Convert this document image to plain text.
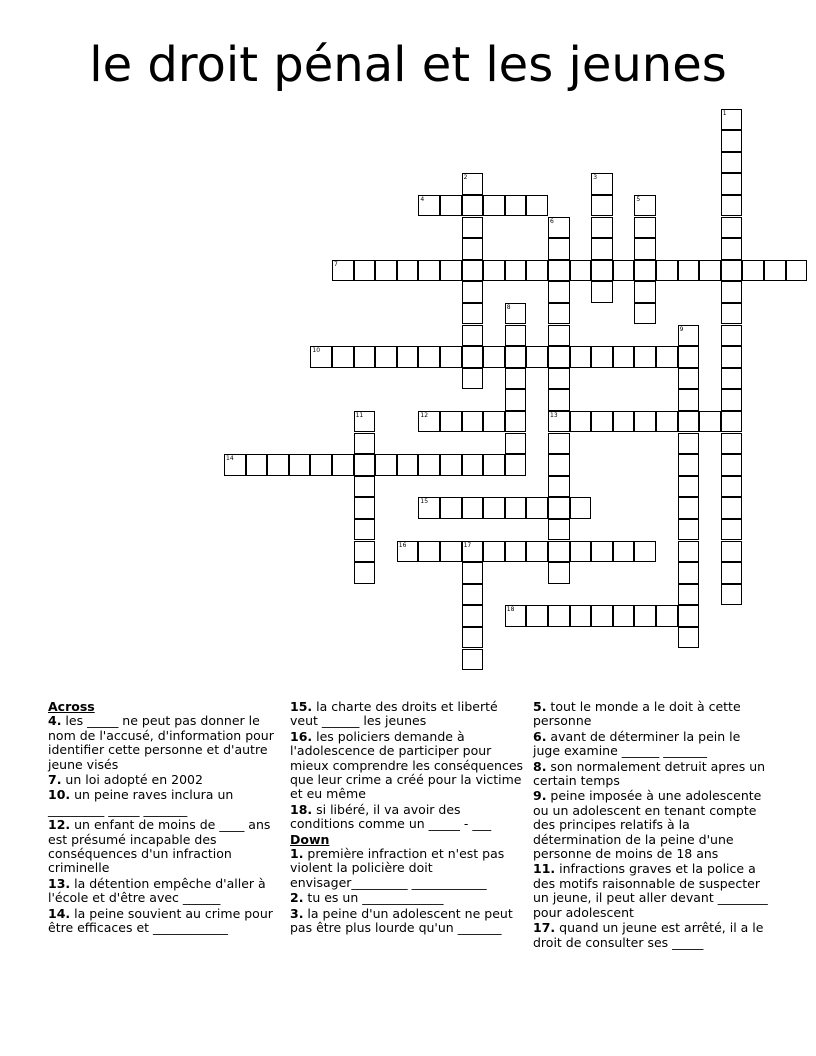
le droit pénal et les jeunes
1
2	3
4	5
6
13
7
8
9
10
11	12
14
15
16	17
18
Across
4. les _____ ne peut pas donner le nom de l'accusé, d'information pour identifier cette personne et d'autre jeune visés
7. un loi adopté en 2002
10. un peine raves inclura un _________ _____ _______
12. un enfant de moins de ____ ans est présumé incapable des conséquences d'un infraction criminelle
13. la détention empêche d'aller à l'école et d'être avec ______
14. la peine souvient au crime pour être efficaces et ____________
15. la charte des droits et liberté veut ______ les jeunes
16. les policiers demande à l'adolescence de participer pour mieux comprendre les conséquences que leur crime a créé pour la victime et eu même
18. si libéré, il va avoir des conditions comme un _____ - ___
Down
1. première infraction et n'est pas violent la policière doit envisager_________ ____________
2. tu es un _____________
3. la peine d'un adolescent ne peut pas être plus lourde qu'un _______
5. tout le monde a le doit à cette personne
6. avant de déterminer la pein le juge examine ______ _______
8. son normalement detruit apres un certain temps
9. peine imposée à une adolescente ou un adolescent en tenant compte des principes relatifs à la détermination de la peine d'une personne de moins de 18 ans
11. infractions graves et la police a des motifs raisonnable de suspecter un jeune, il peut aller devant ________ pour adolescent
17. quand un jeune est arrêté, il a le droit de consulter ses _____
